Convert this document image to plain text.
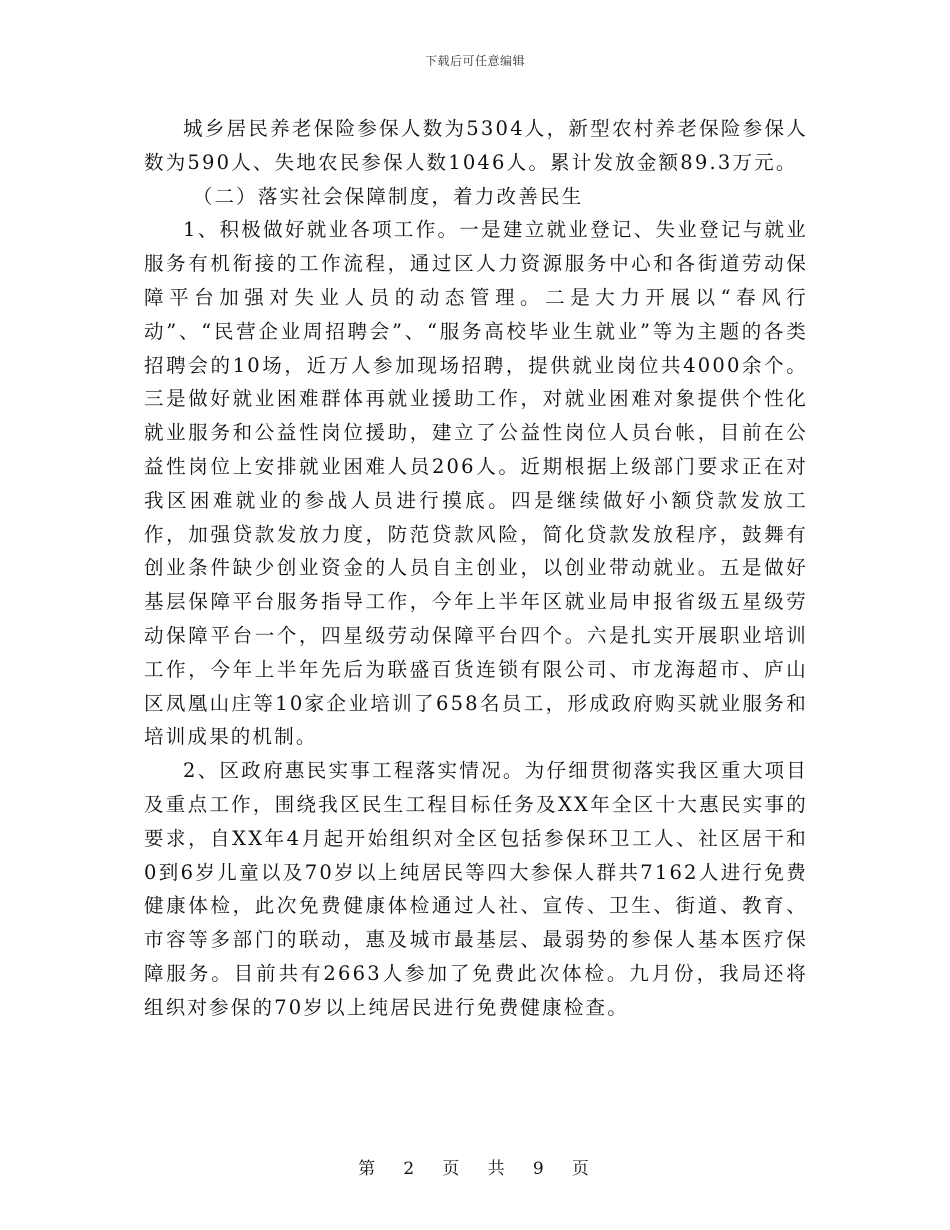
下载后可任意编辑

城乡居民养老保险参保人数为5304人，新型农村养老保险参保人数为590人、失地农民参保人数1046人。累计发放金额89.3万元。

（二）落实社会保障制度，着力改善民生

1、积极做好就业各项工作。一是建立就业登记、失业登记与就业服务有机衔接的工作流程，通过区人力资源服务中心和各街道劳动保障平台加强对失业人员的动态管理。二是大力开展以“春风行动”、“民营企业周招聘会”、“服务高校毕业生就业”等为主题的各类招聘会的10场，近万人参加现场招聘，提供就业岗位共4000余个。三是做好就业困难群体再就业援助工作，对就业困难对象提供个性化就业服务和公益性岗位援助，建立了公益性岗位人员台帐，目前在公益性岗位上安排就业困难人员206人。近期根据上级部门要求正在对我区困难就业的参战人员进行摸底。四是继续做好小额贷款发放工作，加强贷款发放力度，防范贷款风险，简化贷款发放程序，鼓舞有创业条件缺少创业资金的人员自主创业，以创业带动就业。五是做好基层保障平台服务指导工作，今年上半年区就业局申报省级五星级劳动保障平台一个，四星级劳动保障平台四个。六是扎实开展职业培训工作，今年上半年先后为联盛百货连锁有限公司、市龙海超市、庐山区凤凰山庄等10家企业培训了658名员工，形成政府购买就业服务和培训成果的机制。

2、区政府惠民实事工程落实情况。为仔细贯彻落实我区重大项目及重点工作，围绕我区民生工程目标任务及XX年全区十大惠民实事的要求，自XX年4月起开始组织对全区包括参保环卫工人、社区居干和0到6岁儿童以及70岁以上纯居民等四大参保人群共7162人进行免费健康体检，此次免费健康体检通过人社、宣传、卫生、街道、教育、市容等多部门的联动，惠及城市最基层、最弱势的参保人基本医疗保障服务。目前共有2663人参加了免费此次体检。九月份，我局还将组织对参保的70岁以上纯居民进行免费健康检查。

第 2 页 共 9 页
